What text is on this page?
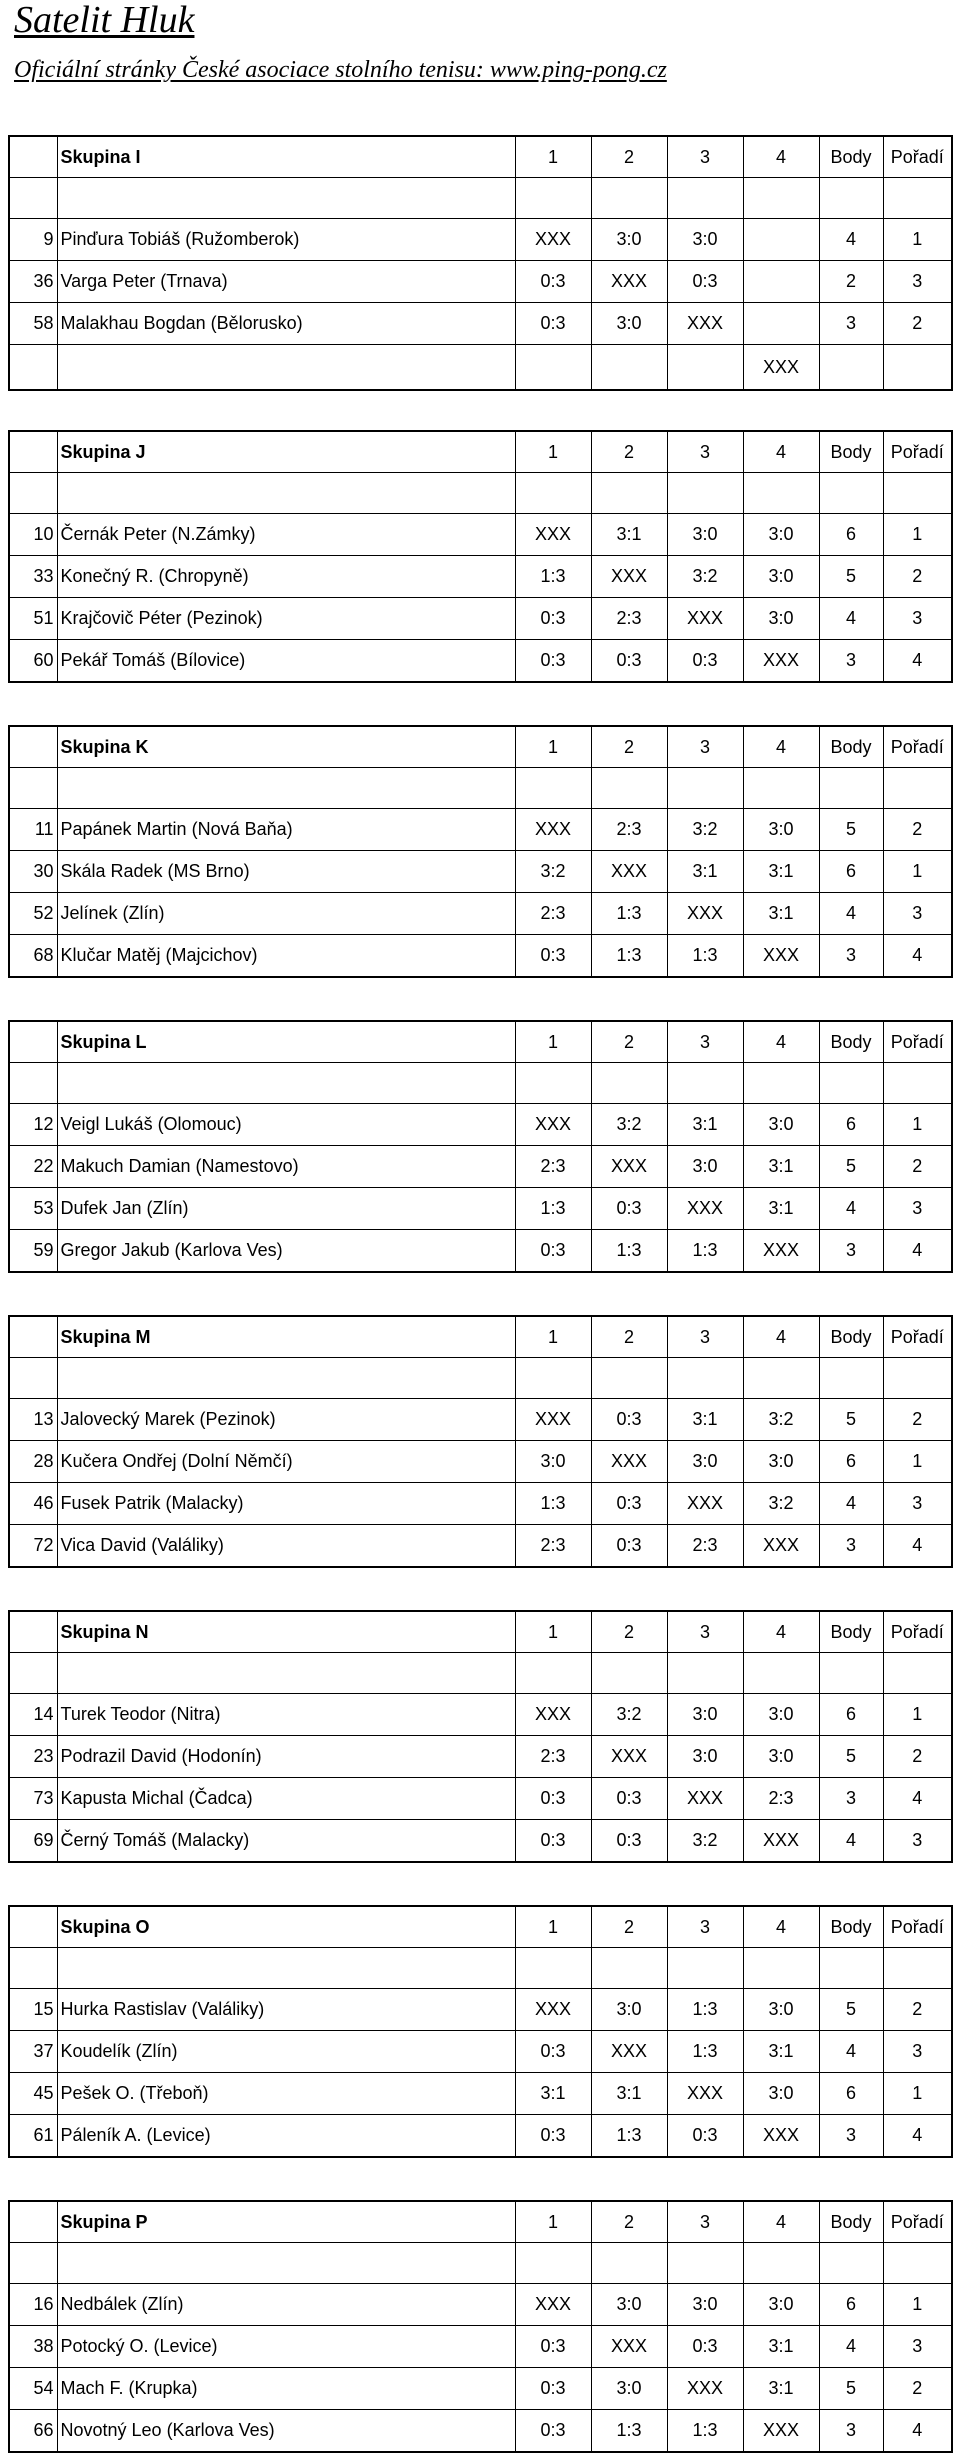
Satelit Hluk
Oficiální stránky České asociace stolního tenisu: www.ping-pong.cz
	Skupina I	1	2	3	4	Body	Pořadí

9	Pinďura Tobiáš (Ružomberok)	XXX	3:0	3:0		4	1
36	Varga Peter (Trnava)	0:3	XXX	0:3		2	3
58	Malakhau Bogdan (Bělorusko)	0:3	3:0	XXX		3	2
					XXX		
	Skupina J	1	2	3	4	Body	Pořadí

10	Černák Peter (N.Zámky)	XXX	3:1	3:0	3:0	6	1
33	Konečný R. (Chropyně)	1:3	XXX	3:2	3:0	5	2
51	Krajčovič Péter (Pezinok)	0:3	2:3	XXX	3:0	4	3
60	Pekář Tomáš (Bílovice)	0:3	0:3	0:3	XXX	3	4
	Skupina K	1	2	3	4	Body	Pořadí

11	Papánek Martin (Nová Baňa)	XXX	2:3	3:2	3:0	5	2
30	Skála Radek (MS Brno)	3:2	XXX	3:1	3:1	6	1
52	Jelínek (Zlín)	2:3	1:3	XXX	3:1	4	3
68	Klučar Matěj (Majcichov)	0:3	1:3	1:3	XXX	3	4
	Skupina L	1	2	3	4	Body	Pořadí

12	Veigl Lukáš (Olomouc)	XXX	3:2	3:1	3:0	6	1
22	Makuch Damian (Namestovo)	2:3	XXX	3:0	3:1	5	2
53	Dufek Jan (Zlín)	1:3	0:3	XXX	3:1	4	3
59	Gregor Jakub (Karlova Ves)	0:3	1:3	1:3	XXX	3	4
	Skupina M	1	2	3	4	Body	Pořadí

13	Jalovecký Marek (Pezinok)	XXX	0:3	3:1	3:2	5	2
28	Kučera Ondřej (Dolní Němčí)	3:0	XXX	3:0	3:0	6	1
46	Fusek Patrik (Malacky)	1:3	0:3	XXX	3:2	4	3
72	Vica David (Valáliky)	2:3	0:3	2:3	XXX	3	4
	Skupina N	1	2	3	4	Body	Pořadí

14	Turek Teodor (Nitra)	XXX	3:2	3:0	3:0	6	1
23	Podrazil David (Hodonín)	2:3	XXX	3:0	3:0	5	2
73	Kapusta Michal (Čadca)	0:3	0:3	XXX	2:3	3	4
69	Černý Tomáš (Malacky)	0:3	0:3	3:2	XXX	4	3
	Skupina O	1	2	3	4	Body	Pořadí

15	Hurka Rastislav (Valáliky)	XXX	3:0	1:3	3:0	5	2
37	Koudelík (Zlín)	0:3	XXX	1:3	3:1	4	3
45	Pešek O. (Třeboň)	3:1	3:1	XXX	3:0	6	1
61	Páleník A. (Levice)	0:3	1:3	0:3	XXX	3	4
	Skupina P	1	2	3	4	Body	Pořadí

16	Nedbálek (Zlín)	XXX	3:0	3:0	3:0	6	1
38	Potocký O. (Levice)	0:3	XXX	0:3	3:1	4	3
54	Mach F. (Krupka)	0:3	3:0	XXX	3:1	5	2
66	Novotný Leo (Karlova Ves)	0:3	1:3	1:3	XXX	3	4
